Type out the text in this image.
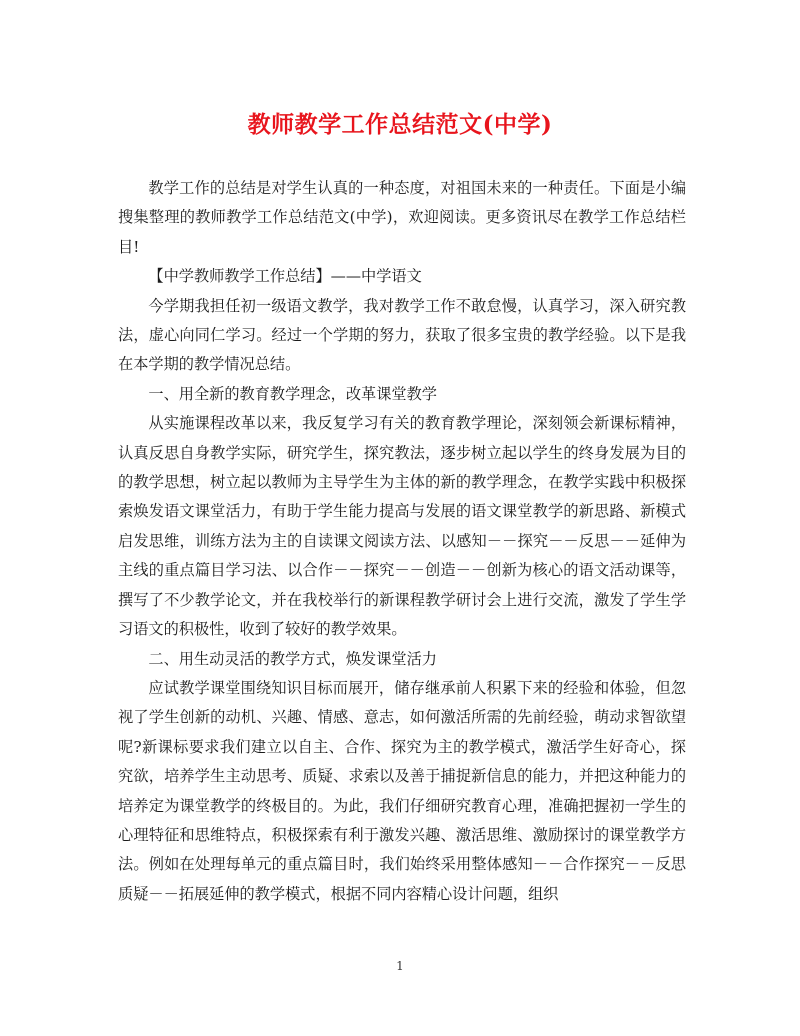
教师教学工作总结范文(中学)

教学工作的总结是对学生认真的一种态度，对祖国未来的一种责任。下面是小编搜集整理的教师教学工作总结范文(中学)，欢迎阅读。更多资讯尽在教学工作总结栏目!

【中学教师教学工作总结】——中学语文

今学期我担任初一级语文教学，我对教学工作不敢怠慢，认真学习，深入研究教法，虚心向同仁学习。经过一个学期的努力，获取了很多宝贵的教学经验。以下是我在本学期的教学情况总结。

一、用全新的教育教学理念，改革课堂教学

从实施课程改革以来，我反复学习有关的教育教学理论，深刻领会新课标精神，认真反思自身教学实际，研究学生，探究教法，逐步树立起以学生的终身发展为目的的教学思想，树立起以教师为主导学生为主体的新的教学理念，在教学实践中积极探索焕发语文课堂活力，有助于学生能力提高与发展的语文课堂教学的新思路、新模式启发思维，训练方法为主的自读课文阅读方法、以感知－－探究－－反思－－延伸为主线的重点篇目学习法、以合作－－探究－－创造－－创新为核心的语文活动课等，撰写了不少教学论文，并在我校举行的新课程教学研讨会上进行交流，激发了学生学习语文的积极性，收到了较好的教学效果。

二、用生动灵活的教学方式，焕发课堂活力

应试教学课堂围绕知识目标而展开，储存继承前人积累下来的经验和体验，但忽视了学生创新的动机、兴趣、情感、意志，如何激活所需的先前经验，萌动求智欲望呢?新课标要求我们建立以自主、合作、探究为主的教学模式，激活学生好奇心，探究欲，培养学生主动思考、质疑、求索以及善于捕捉新信息的能力，并把这种能力的培养定为课堂教学的终极目的。为此，我们仔细研究教育心理，准确把握初一学生的心理特征和思维特点，积极探索有利于激发兴趣、激活思维、激励探讨的课堂教学方法。例如在处理每单元的重点篇目时，我们始终采用整体感知－－合作探究－－反思质疑－－拓展延伸的教学模式，根据不同内容精心设计问题，组织

1
